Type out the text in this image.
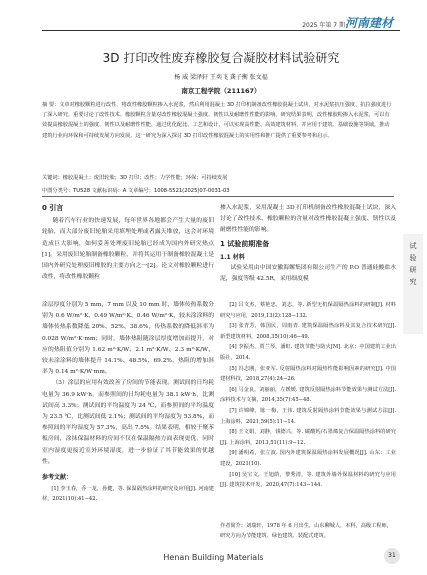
2025 年第 7 期 河南建材
3D 打印改性废弃橡胶复合凝胶材料试验研究
杨 威 梁泽轩 王奕飞 龚子衡 张文福
南京工程学院（211167）
摘 要：文章对橡胶颗粒进行改性，将改性橡胶颗粒掺入水泥浆，然后利用混凝土 3D 打印机制备改性橡胶混凝土试块，对水泥浆抗压强度、抗拉强度进行了深入研究，重要讨论了改性技术、橡胶颗粒含量对改性橡胶混凝土强度、韧性以及耐磨性性能的影响。研究结果表明，改性橡胶粉掺入水泥浆，可以有效提高橡胶混凝土的强度、韧性以及耐磨性性能，通过优化配比、工艺和设计，可以实现高性能、高效建筑材料，并应用于建筑、基础设施等领域。推动建筑行业向环保和可持续发展方向发展。这一研究为深入探讨 3D 打印改性橡胶混凝土的实用性和推广提供了重要参考和启示。
关键词：橡胶混凝土；废旧轮胎；3D 打印；改性；力学性能；环保；可持续发展
中图分类号：TU528 文献标识码：A 文章编号：1008-5521(2025)07-0031-03
0 引言

随着汽车行业的快速发展，每年世界各地都会产生大量的废旧轮胎，而大部分废旧轮胎采用填埋处理或者露天堆放，这会对环境造成巨大影响，如何妥善处理废旧轮胎已经成为国内外研究热点[1]。采用废旧轮胎制备橡胶颗粒，并将其运用于制备橡胶混凝土是国内外研究处理废旧橡胶的主要方向之一[2]。论文对橡胶颗粒进行改性，将改性橡胶颗粒

掺入水泥浆，采用混凝土 3D 打印机制备改性橡胶混凝土试块，深入讨论了改性技术、橡胶颗粒的含量对改性橡胶混凝土强度、韧性以及耐磨性性能的影响。

1 试验前期准备
1.1 材料

试验采用由中国安徽海螺集团有限公司生产的 P.O 普通硅酸盐水泥，强度等级 42.5R，采用细度模

涂层厚度分别为 5 mm、7 mm 以及 10 mm 时，墙体传热系数分别为 0.6 W/m²·K、0.49 W/m²·K、0.46 W/m²·K，较未涂涂料的墙体传热系数降低 20%、52%、38.6%，传热系数的降低斜率为 0.028 W/m²·K·mm；同时，墙体热阻随涂层厚度增加而提升，对应的热阻值分别为 1.62 m²·K/W、2.1 m²·K/W、2.3 m²·K/W，较未涂涂料的墙体提升 14.1%、48.5%、69.2%，热阻的增加斜率为 0.14 m²·K/W·mm。

（3）涂层的应用有效改善了房间的节能表现。测试间的日均耗电量为 36.9 kW·h，而参照间的日均耗电量为 38.1 kW·h，比测试间高 3.3%；测试间的平均温度为 24 ℃，而参照间的平均温度为 23.5 ℃，比测试间低 2.1%；测试间的平均湿度为 53.8%，而参照间的平均湿度为 57.3%，高出 7.5%。结果表明，相较于聚苯板房间，涂抹保温材料的房间不仅在保温隔热方面表现更优，同时室内湿度更接近室外环境湿度，进一步验证了其节能效果的优越性。

参考文献：

[1] 李玉春，乔一龙，孙健，等. 保温隔热涂料的研究及应用[J]. 河南建材，2021(10):41−42.

[2] 吕文杰，蔡艳忠，刘志，等. 新型无机保温隔热涂料的研制[J]. 材料研究与应用，2019,13(2):128−132.

[3] 张青芳，韩国民，周雨青. 建筑保温隔热涂料及其复合技术研究[J]. 新型建筑材料，2008,35(10):46−49.

[4] 李振杰，贾兰琴，潘虹. 建筑节能与防火[M]. 北京：中国建筑工业出版社，2014.

[5] 冯志刚，张亚军. 反射隔热涂料对隔热性能影响因素的研究[J]. 中国建材科技，2018,27(4):24−26.

[6] 马金良，刘丽丽，左媛媛. 建筑反射隔热涂料节能效果与测试方法[J]. 涂料技术与文摘，2014,35(7):45−48.

[7] 许锦峰，陈一梅，王伟. 建筑反射隔热涂料节能效果与测试方法[J]. 上海涂料，2021,59(5):11−14.

[8] 王文娟，刘静，钱德兴，等. 碳酸钙/石墨烯复合保温隔热涂料的研究[J]. 上海涂料，2013,51(11):9−12.

[9] 潘明希，张立波. 国内外建筑保温隔热涂料发展概况[J]. 山东：工业建设，2021(10).

[10] 吴宝文，王旭荫，黎秀清，等. 建筑外墙外保温材料的研究与应用[J]. 建筑技术开发，2020,47(7):143−144.

作者简介：刘瑞轩，1978 年 6 月出生，山东聊城人，本科，高级工程师，研究方向为节能建筑、绿色建筑、装配式建筑。
试
验
研
究
Henan Building Materials	31
